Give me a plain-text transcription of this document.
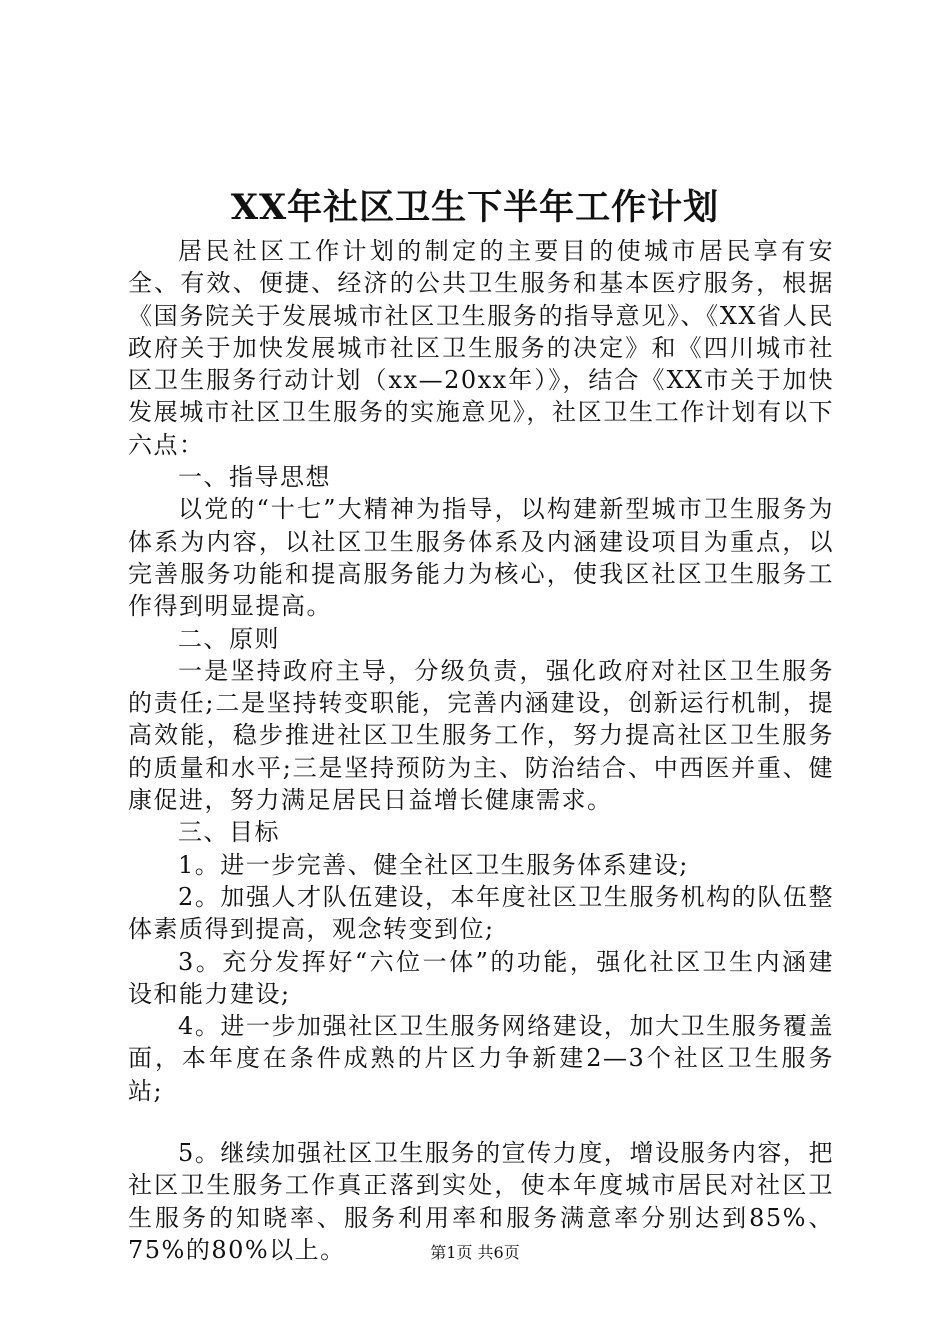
XX年社区卫生下半年工作计划

居民社区工作计划的制定的主要目的使城市居民享有安全、有效、便捷、经济的公共卫生服务和基本医疗服务，根据《国务院关于发展城市社区卫生服务的指导意见》、《XX省人民政府关于加快发展城市社区卫生服务的决定》和《四川城市社区卫生服务行动计划（xx—20xx年）》，结合《XX市关于加快发展城市社区卫生服务的实施意见》，社区卫生工作计划有以下六点：

一、指导思想

以党的“十七”大精神为指导，以构建新型城市卫生服务为体系为内容，以社区卫生服务体系及内涵建设项目为重点，以完善服务功能和提高服务能力为核心，使我区社区卫生服务工作得到明显提高。

二、原则

一是坚持政府主导，分级负责，强化政府对社区卫生服务的责任;二是坚持转变职能，完善内涵建设，创新运行机制，提高效能，稳步推进社区卫生服务工作，努力提高社区卫生服务的质量和水平;三是坚持预防为主、防治结合、中西医并重、健康促进，努力满足居民日益增长健康需求。

三、目标

1。进一步完善、健全社区卫生服务体系建设;

2。加强人才队伍建设，本年度社区卫生服务机构的队伍整体素质得到提高，观念转变到位;

3。充分发挥好“六位一体”的功能，强化社区卫生内涵建设和能力建设;

4。进一步加强社区卫生服务网络建设，加大卫生服务覆盖面，本年度在条件成熟的片区力争新建2—3个社区卫生服务站;

5。继续加强社区卫生服务的宣传力度，增设服务内容，把社区卫生服务工作真正落到实处，使本年度城市居民对社区卫生服务的知晓率、服务利用率和服务满意率分别达到85%、75%的80%以上。	第1页 共6页
